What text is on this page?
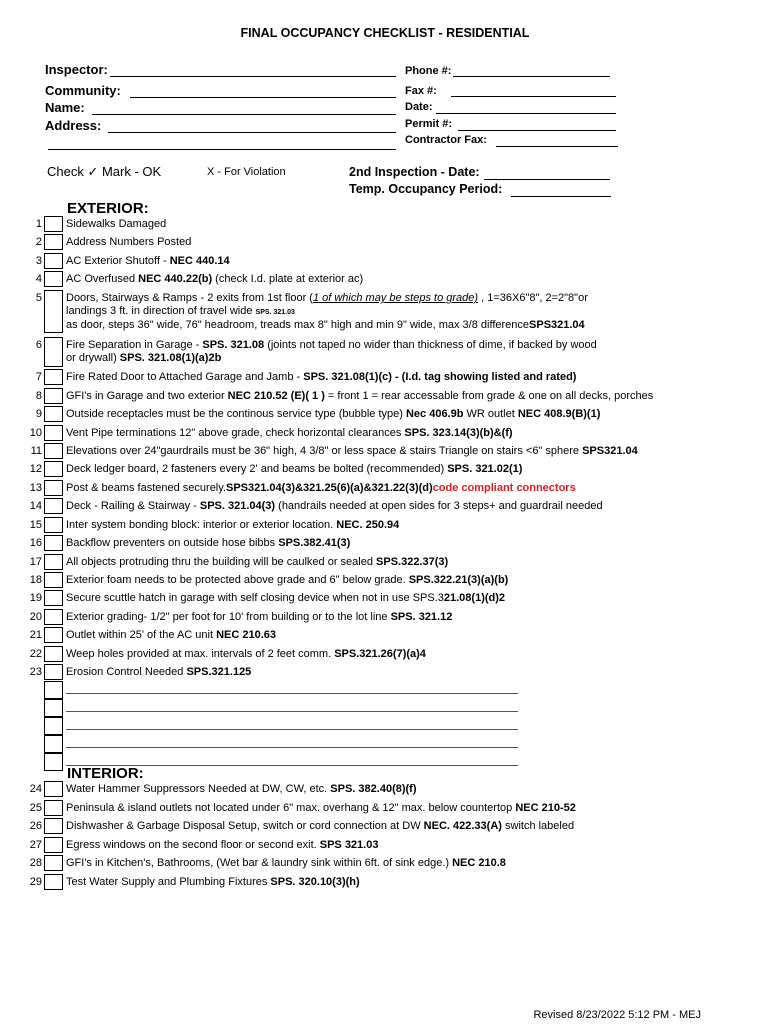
FINAL OCCUPANCY CHECKLIST - RESIDENTIAL
Inspector:
Community:
Name:
Address:
Phone #:
Fax #:
Date:
Permit #:
Contractor Fax:
Check ✓ Mark - OK	X - For Violation	2nd Inspection - Date:
Temp. Occupancy Period:
EXTERIOR:
1 Sidewalks Damaged
2 Address Numbers Posted
3 AC Exterior Shutoff - NEC 440.14
4 AC Overfused NEC 440.22(b) (check I.d. plate at exterior ac)
5 Doors, Stairways & Ramps - 2 exits from 1st floor (1 of which may be steps to grade) , 1=36X6"8", 2=2"8"or
landings 3 ft. in direction of travel wide SPS. 321.03
as door, steps 36" wide, 76" headroom, treads max 8" high and min 9" wide, max 3/8 differenceSPS321.04
6 Fire Separation in Garage - SPS. 321.08 (joints not taped no wider than thickness of dime, if backed by wood
or drywall) SPS. 321.08(1)(a)2b
7 Fire Rated Door to Attached Garage and Jamb - SPS. 321.08(1)(c) - (I.d. tag showing listed and rated)
8 GFI's in Garage and two exterior NEC 210.52 (E)( 1 ) = front 1 = rear accessable from grade & one on all decks, porches
9 Outside receptacles must be the continous service type (bubble type) Nec 406.9b WR outlet NEC 408.9(B)(1)
10 Vent Pipe terminations 12" above grade, check horizontal clearances SPS. 323.14(3)(b)&(f)
11 Elevations over 24"gaurdrails must be 36" high, 4 3/8" or less space & stairs Triangle on stairs <6" sphere SPS321.04
12 Deck ledger board, 2 fasteners every 2' and beams be bolted (recommended) SPS. 321.02(1)
13 Post & beams fastened securely.SPS321.04(3)&321.25(6)(a)&321.22(3)(d)code compliant connectors
14 Deck - Railing & Stairway - SPS. 321.04(3) (handrails needed at open sides for 3 steps+ and guardrail needed
15 Inter system bonding block: interior or exterior location. NEC. 250.94
16 Backflow preventers on outside hose bibbs SPS.382.41(3)
17 All objects protruding thru the building will be caulked or sealed SPS.322.37(3)
18 Exterior foam needs to be protected above grade and 6" below grade. SPS.322.21(3)(a)(b)
19 Secure scuttle hatch in garage with self closing device when not in use SPS.321.08(1)(d)2
20 Exterior grading- 1/2" per foot for 10' from building or to the lot line SPS. 321.12
21 Outlet within 25' of the AC unit NEC 210.63
22 Weep holes provided at max. intervals of 2 feet comm. SPS.321.26(7)(a)4
23 Erosion Control Needed SPS.321.125
INTERIOR:
24 Water Hammer Suppressors Needed at DW, CW, etc. SPS. 382.40(8)(f)
25 Peninsula & island outlets not located under 6" max. overhang & 12" max. below countertop NEC 210-52
26 Dishwasher & Garbage Disposal Setup, switch or cord connection at DW NEC. 422.33(A) switch labeled
27 Egress windows on the second floor or second exit. SPS 321.03
28 GFI's in Kitchen's, Bathrooms, (Wet bar & laundry sink within 6ft. of sink edge.) NEC 210.8
29 Test Water Supply and Plumbing Fixtures SPS. 320.10(3)(h)
Revised 8/23/2022 5:12 PM - MEJ
